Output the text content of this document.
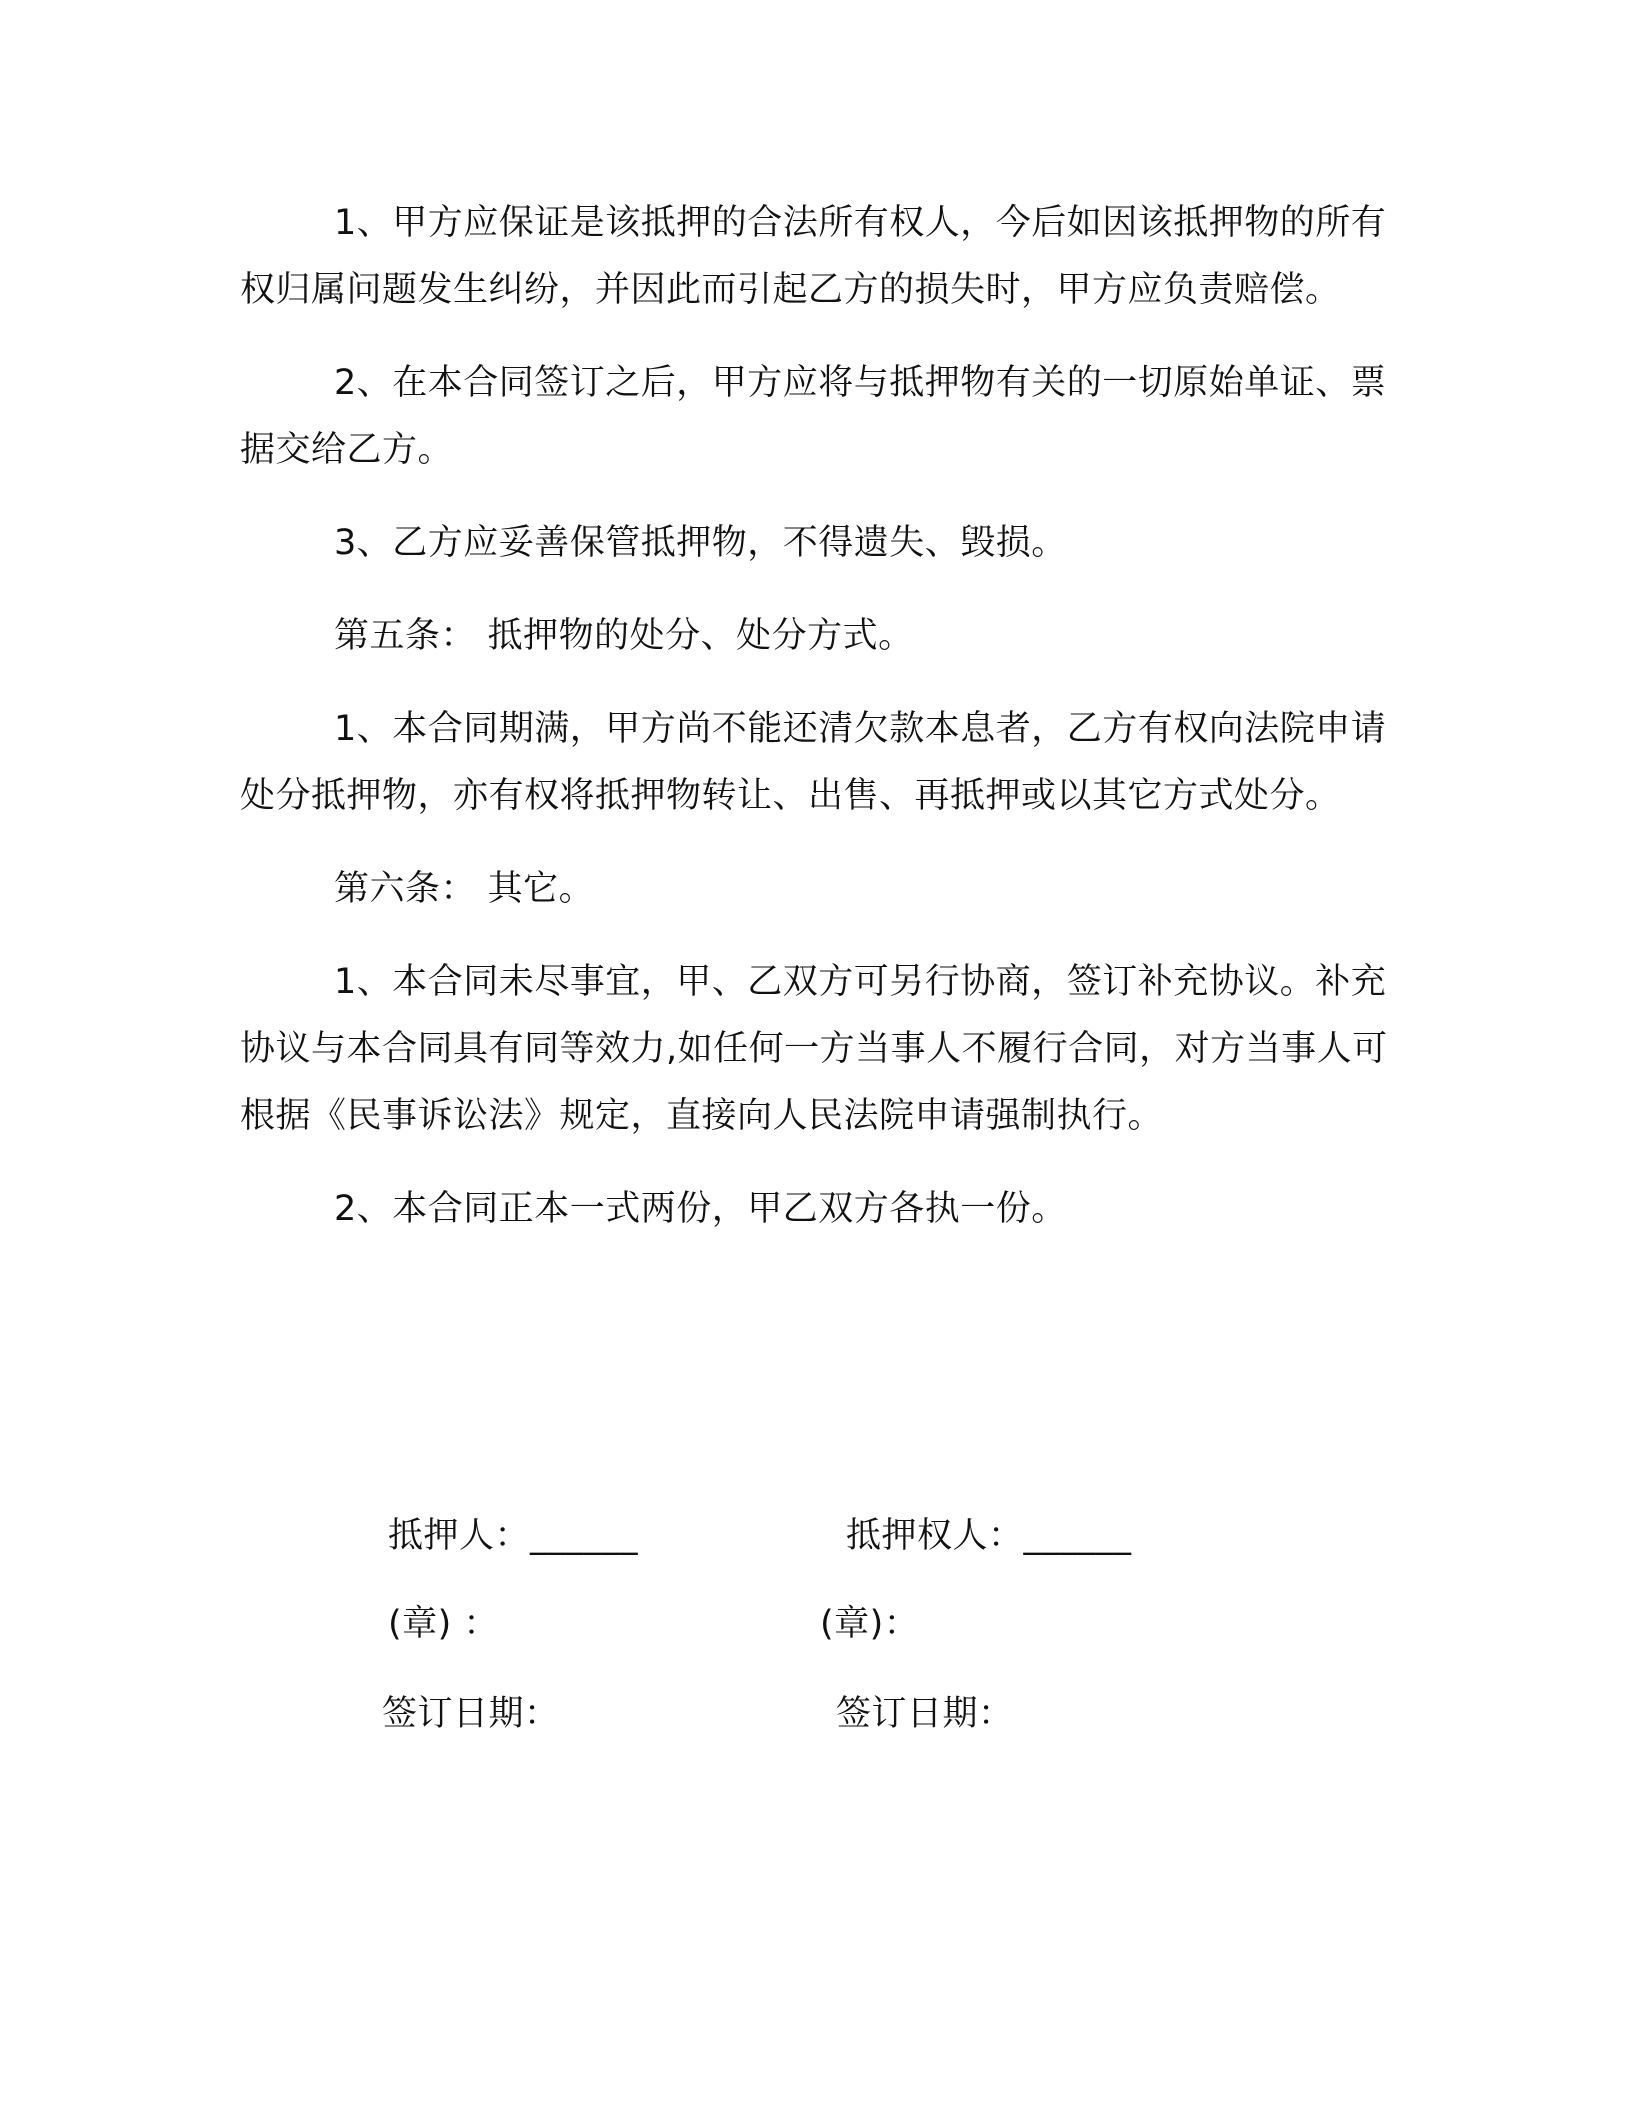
1、甲方应保证是该抵押的合法所有权人，今后如因该抵押物的所有权归属问题发生纠纷，并因此而引起乙方的损失时，甲方应负责赔偿。

2、在本合同签订之后，甲方应将与抵押物有关的一切原始单证、票据交给乙方。

3、乙方应妥善保管抵押物，不得遗失、毁损。

第五条： 抵押物的处分、处分方式。

1、本合同期满，甲方尚不能还清欠款本息者，乙方有权向法院申请处分抵押物，亦有权将抵押物转让、出售、再抵押或以其它方式处分。

第六条： 其它。

1、本合同未尽事宜，甲、乙双方可另行协商，签订补充协议。补充协议与本合同具有同等效力,如任何一方当事人不履行合同，对方当事人可根据《民事诉讼法》规定，直接向人民法院申请强制执行。

2、本合同正本一式两份，甲乙双方各执一份。

抵押人：______	抵押权人：______
(章) ：	(章)：
签订日期：	签订日期：
